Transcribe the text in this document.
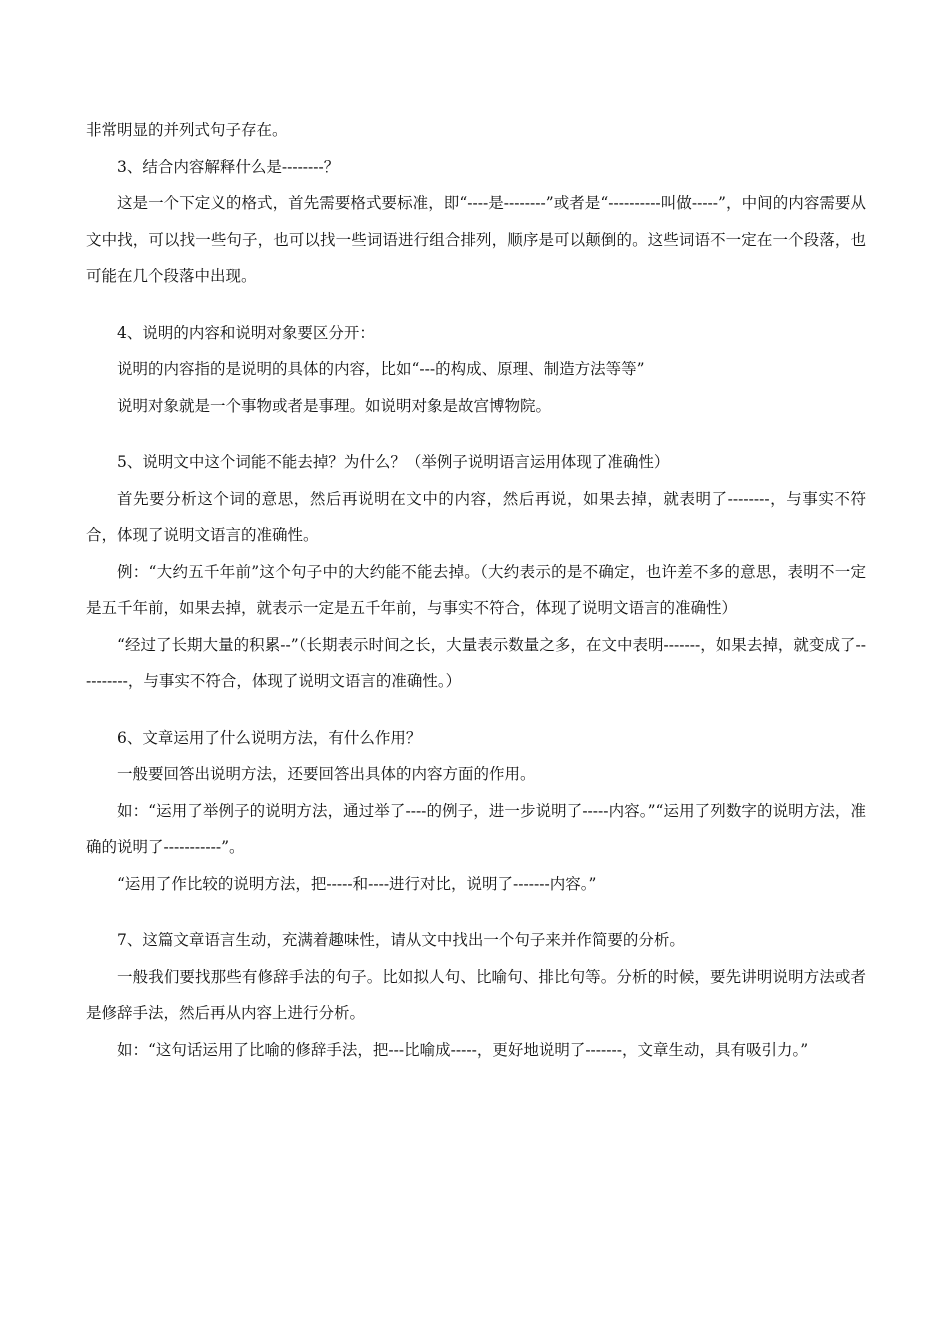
非常明显的并列式句子存在。

3、结合内容解释什么是--------？

这是一个下定义的格式，首先需要格式要标准，即“----是--------”或者是“----------叫做-----”，中间的内容需要从文中找，可以找一些句子，也可以找一些词语进行组合排列，顺序是可以颠倒的。这些词语不一定在一个段落，也可能在几个段落中出现。

4、说明的内容和说明对象要区分开：

说明的内容指的是说明的具体的内容，比如“---的构成、原理、制造方法等等”

说明对象就是一个事物或者是事理。如说明对象是故宫博物院。

5、说明文中这个词能不能去掉？为什么？（举例子说明语言运用体现了准确性）

首先要分析这个词的意思，然后再说明在文中的内容，然后再说，如果去掉，就表明了--------，与事实不符合，体现了说明文语言的准确性。

例：“大约五千年前”这个句子中的大约能不能去掉。（大约表示的是不确定，也许差不多的意思，表明不一定是五千年前，如果去掉，就表示一定是五千年前，与事实不符合，体现了说明文语言的准确性）

“经过了长期大量的积累--”（长期表示时间之长，大量表示数量之多，在文中表明-------，如果去掉，就变成了----------，与事实不符合，体现了说明文语言的准确性。）

6、文章运用了什么说明方法，有什么作用？

一般要回答出说明方法，还要回答出具体的内容方面的作用。

如：“运用了举例子的说明方法，通过举了----的例子，进一步说明了-----内容。”“运用了列数字的说明方法，准确的说明了-----------”。

“运用了作比较的说明方法，把-----和----进行对比，说明了-------内容。”

7、这篇文章语言生动，充满着趣味性，请从文中找出一个句子来并作简要的分析。

一般我们要找那些有修辞手法的句子。比如拟人句、比喻句、排比句等。分析的时候，要先讲明说明方法或者是修辞手法，然后再从内容上进行分析。

如：“这句话运用了比喻的修辞手法，把---比喻成-----，更好地说明了-------，文章生动，具有吸引力。”
